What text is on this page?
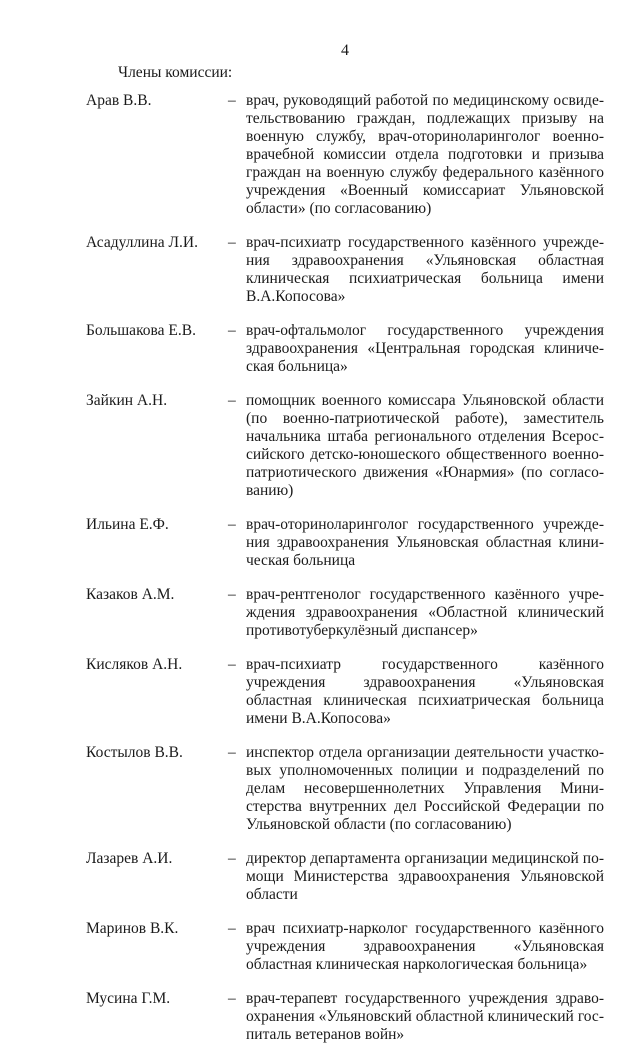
4
Члены комиссии:
Арав В.В.	– врач, руководящий работой по медицинскому освидетельствованию граждан, подлежащих призыву на военную службу, врач-оториноларинголог военно-врачебной комиссии отдела подготовки и призыва граждан на военную службу федерального казённого учреждения «Военный комиссариат Ульяновской области» (по согласованию)
Асадуллина Л.И. – врач-психиатр государственного казённого учреждения здравоохранения «Ульяновская областная клиническая психиатрическая больница имени В.А.Копосова»
Большакова Е.В. – врач-офтальмолог государственного учреждения здравоохранения «Центральная городская клиническая больница»
Зайкин А.Н.	– помощник военного комиссара Ульяновской области (по военно-патриотической работе), заместитель начальника штаба регионального отделения Всероссийского детско-юношеского общественного военно-патриотического движения «Юнармия» (по согласованию)
Ильина Е.Ф.	– врач-оториноларинголог государственного учреждения здравоохранения Ульяновская областная клиническая больница
Казаков А.М.	– врач-рентгенолог государственного казённого учреждения здравоохранения «Областной клинический противотуберкулёзный диспансер»
Кисляков А.Н.	– врач-психиатр государственного казённого учреждения здравоохранения «Ульяновская областная клиническая психиатрическая больница имени В.А.Копосова»
Костылов В.В.	– инспектор отдела организации деятельности участковых уполномоченных полиции и подразделений по делам несовершеннолетних Управления Министерства внутренних дел Российской Федерации по Ульяновской области (по согласованию)
Лазарев А.И.	– директор департамента организации медицинской помощи Министерства здравоохранения Ульяновской области
Маринов В.К.	– врач психиатр-нарколог государственного казённого учреждения здравоохранения «Ульяновская областная клиническая наркологическая больница»
Мусина Г.М.	– врач-терапевт государственного учреждения здравоохранения «Ульяновский областной клинический госпиталь ветеранов войн»
